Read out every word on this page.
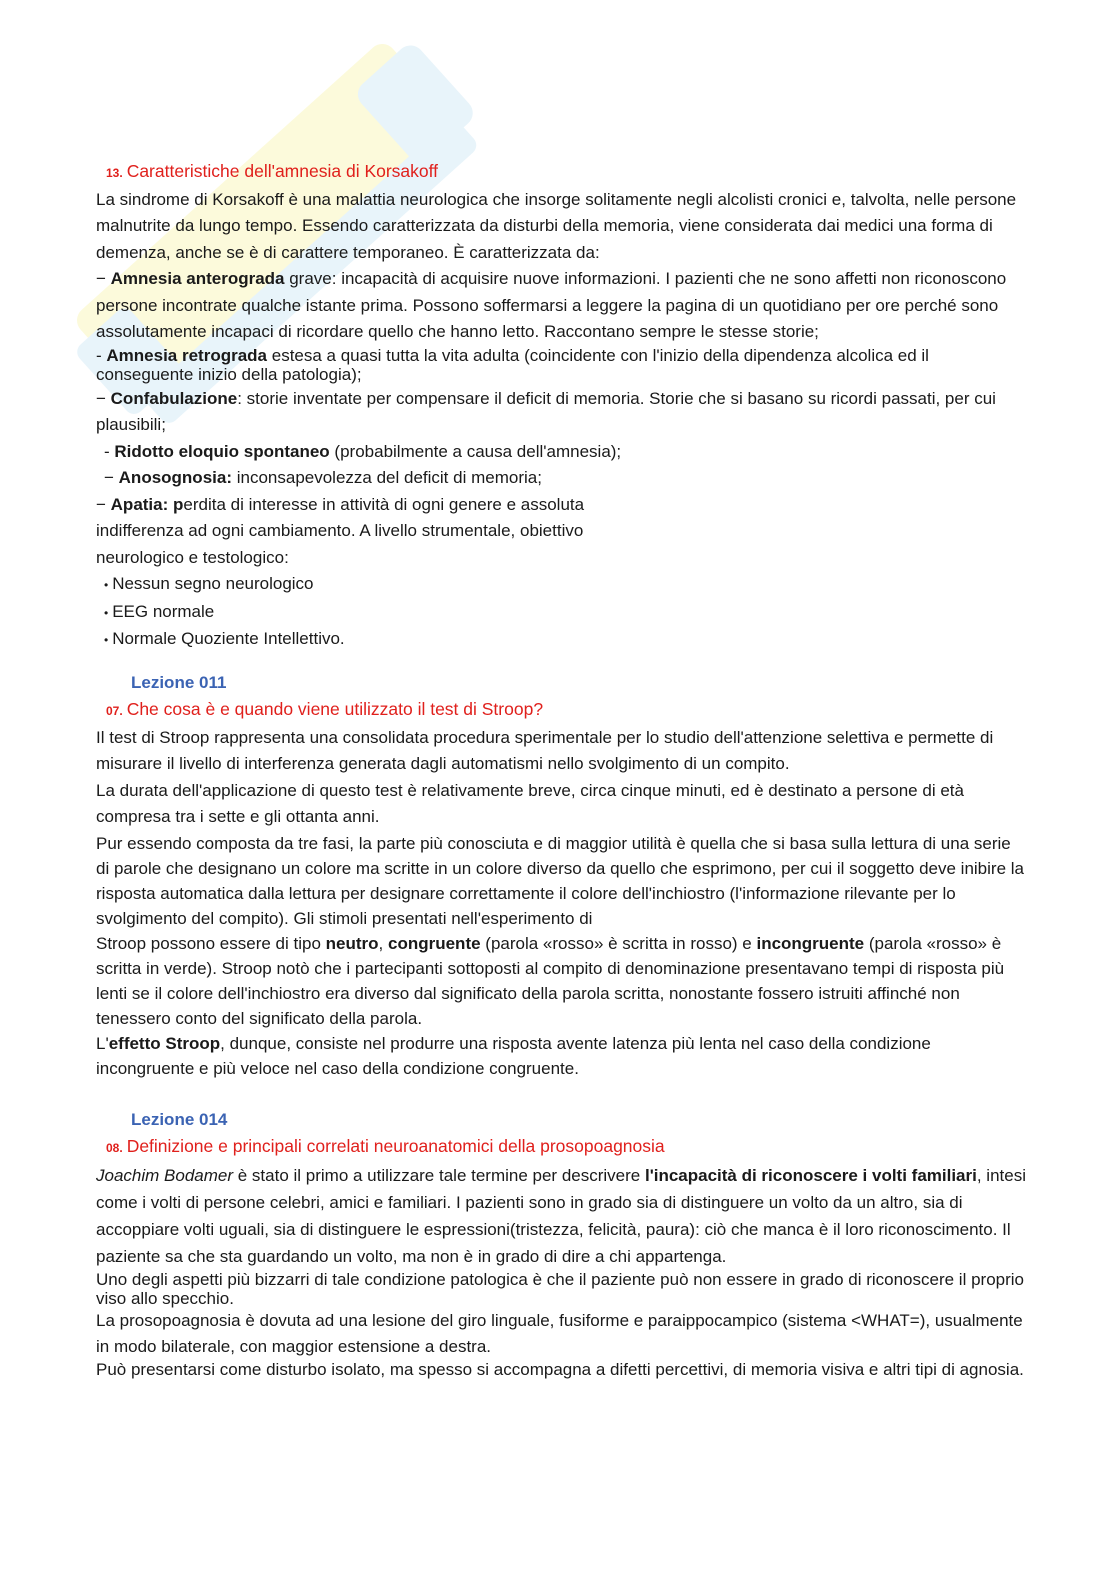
13. Caratteristiche dell'amnesia di Korsakoff

La sindrome di Korsakoff è una malattia neurologica che insorge solitamente negli alcolisti cronici e, talvolta, nelle persone malnutrite da lungo tempo. Essendo caratterizzata da disturbi della memoria, viene considerata dai medici una forma di demenza, anche se è di carattere temporaneo. È caratterizzata da:

− Amnesia anterograda grave: incapacità di acquisire nuove informazioni. I pazienti che ne sono affetti non riconoscono persone incontrate qualche istante prima. Possono soffermarsi a leggere la pagina di un quotidiano per ore perché sono assolutamente incapaci di ricordare quello che hanno letto. Raccontano sempre le stesse storie;

- Amnesia retrograda estesa a quasi tutta la vita adulta (coincidente con l'inizio della dipendenza alcolica ed il conseguente inizio della patologia);

− Confabulazione: storie inventate per compensare il deficit di memoria. Storie che si basano su ricordi passati, per cui plausibili;

- Ridotto eloquio spontaneo (probabilmente a causa dell'amnesia);

− Anosognosia: inconsapevolezza del deficit di memoria;

− Apatia: perdita di interesse in attività di ogni genere e assoluta

indifferenza ad ogni cambiamento. A livello strumentale, obiettivo

neurologico e testologico:

• Nessun segno neurologico

• EEG normale

• Normale Quoziente Intellettivo.

Lezione 011
07. Che cosa è e quando viene utilizzato il test di Stroop?

Il test di Stroop rappresenta una consolidata procedura sperimentale per lo studio dell'attenzione selettiva e permette di misurare il livello di interferenza generata dagli automatismi nello svolgimento di un compito.

La durata dell'applicazione di questo test è relativamente breve, circa cinque minuti, ed è destinato a persone di età compresa tra i sette e gli ottanta anni.

Pur essendo composta da tre fasi, la parte più conosciuta e di maggior utilità è quella che si basa sulla lettura di una serie di parole che designano un colore ma scritte in un colore diverso da quello che esprimono, per cui il soggetto deve inibire la risposta automatica dalla lettura per designare correttamente il colore dell'inchiostro (l'informazione rilevante per lo svolgimento del compito). Gli stimoli presentati nell'esperimento di

Stroop possono essere di tipo neutro, congruente (parola «rosso» è scritta in rosso) e incongruente (parola «rosso» è scritta in verde). Stroop notò che i partecipanti sottoposti al compito di denominazione presentavano tempi di risposta più lenti se il colore dell'inchiostro era diverso dal significato della parola scritta, nonostante fossero istruiti affinché non tenessero conto del significato della parola.

L'effetto Stroop, dunque, consiste nel produrre una risposta avente latenza più lenta nel caso della condizione incongruente e più veloce nel caso della condizione congruente.

Lezione 014
08. Definizione e principali correlati neuroanatomici della prosopoagnosia

Joachim Bodamer è stato il primo a utilizzare tale termine per descrivere l'incapacità di riconoscere i volti familiari, intesi come i volti di persone celebri, amici e familiari. I pazienti sono in grado sia di distinguere un volto da un altro, sia di accoppiare volti uguali, sia di distinguere le espressioni(tristezza, felicità, paura): ciò che manca è il loro riconoscimento. Il paziente sa che sta guardando un volto, ma non è in grado di dire a chi appartenga.

Uno degli aspetti più bizzarri di tale condizione patologica è che il paziente può non essere in grado di riconoscere il proprio viso allo specchio.

La prosopoagnosia è dovuta ad una lesione del giro linguale, fusiforme e paraippocampico (sistema <WHAT=), usualmente in modo bilaterale, con maggior estensione a destra.

Può presentarsi come disturbo isolato, ma spesso si accompagna a difetti percettivi, di memoria visiva e altri tipi di agnosia.
